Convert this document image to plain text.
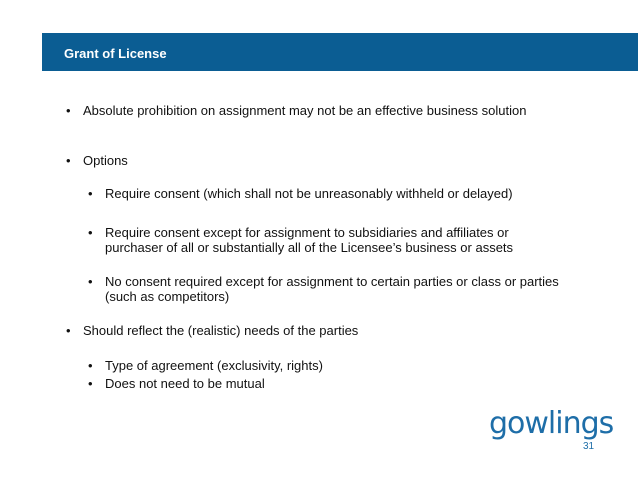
Grant of License
• Absolute prohibition on assignment may not be an effective business solution
• Options
• Require consent (which shall not be unreasonably withheld or delayed)
• Require consent except for assignment to subsidiaries and affiliates or purchaser of all or substantially all of the Licensee’s business or assets
• No consent required except for assignment to certain parties or class or parties (such as competitors)
• Should reflect the (realistic) needs of the parties
• Type of agreement (exclusivity, rights)
• Does not need to be mutual
gowlings
31
